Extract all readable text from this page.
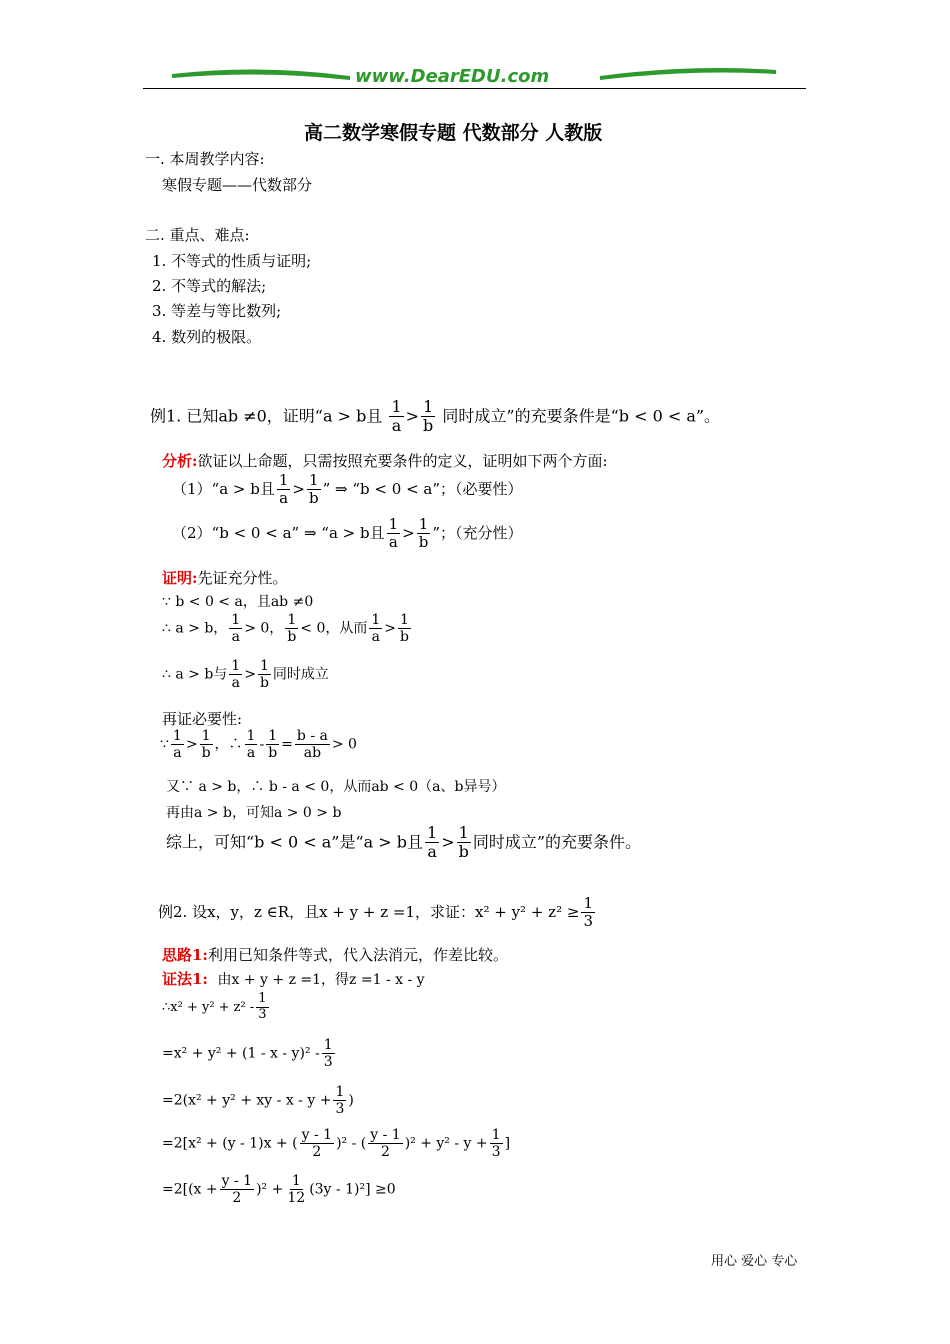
www.DearEDU.com
高二数学寒假专题 代数部分 人教版
一. 本周教学内容:
寒假专题——代数部分
二. 重点、难点:
1. 不等式的性质与证明;
2. 不等式的解法;
3. 等差与等比数列;
4. 数列的极限。
例1. 已知ab ≠0，证明“a > b且 $\frac{1}{a} > \frac{1}{b}$ 同时成立”的充要条件是“b < 0 < a”。
分析:欲证以上命题，只需按照充要条件的定义，证明如下两个方面:
（1）“a > b且 $\frac{1}{a} > \frac{1}{b}$ ” ⇒ “b < 0 < a”；（必要性）
（2）“b < 0 < a” ⇒ “a > b且 $\frac{1}{a} > \frac{1}{b}$ ”；（充分性）
证明:先证充分性。
∵ b < 0 < a，且ab ≠0
∴ a > b， $\frac{1}{a} > 0$， $\frac{1}{b} < 0$，从而 $\frac{1}{a} > \frac{1}{b}$
∴ a > b与 $\frac{1}{a} > \frac{1}{b}$ 同时成立
再证必要性:
∵ $\frac{1}{a} > \frac{1}{b}$ ，∴ $\frac{1}{a} - \frac{1}{b} = \frac{b - a}{ab} > 0$
又∵ a > b，∴ b - a < 0，从而ab < 0（a、b异号）
再由a > b，可知a > 0 > b
综上，可知“b < 0 < a”是“a > b且 $\frac{1}{a} > \frac{1}{b}$ 同时成立”的充要条件。
例2. 设x，y，z ∈R，且x + y + z =1，求证：$x^2 + y^2 + z^2 \ge \frac{1}{3}$
思路1:利用已知条件等式，代入法消元，作差比较。
证法1: 由x + y + z =1，得z =1 - x - y
∴x² + $y^2 + z^2 - \frac{1}{3}$
$=x^2 + y^2 + (1 - x - y)^2 - \frac{1}{3}$
=2(x² + y² + xy - $x - y + \frac{1}{3}$ )
=2[x² + (y - 1)x + ( $\frac{y - 1}{2} )^2$ - ( $\frac{y - 1}{2} )^2 + y^2 - y + \frac{1}{3}$ ]
$=2[(x + \frac{y - 1}{2} )^2 + \frac{1}{12} (3y - 1)^2] \ge 0$
用心 爱心 专心
